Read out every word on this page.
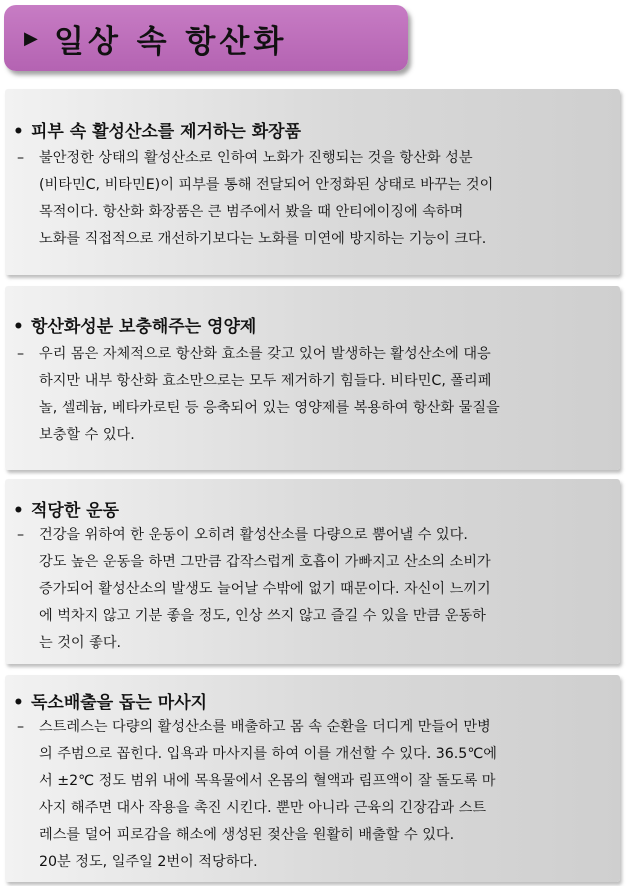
▶ 일상 속 항산화
• 피부 속 활성산소를 제거하는 화장품
– 불안정한 상태의 활성산소로 인하여 노화가 진행되는 것을 항산화 성분
(비타민C, 비타민E)이 피부를 통해 전달되어 안정화된 상태로 바꾸는 것이
목적이다. 항산화 화장품은 큰 범주에서 봤을 때 안티에이징에 속하며
노화를 직접적으로 개선하기보다는 노화를 미연에 방지하는 기능이 크다.
• 항산화성분 보충해주는 영양제
– 우리 몸은 자체적으로 항산화 효소를 갖고 있어 발생하는 활성산소에 대응
하지만 내부 항산화 효소만으로는 모두 제거하기 힘들다. 비타민C, 폴리페
놀, 셀레늄, 베타카로틴 등 응축되어 있는 영양제를 복용하여 항산화 물질을
보충할 수 있다.
• 적당한 운동
– 건강을 위하여 한 운동이 오히려 활성산소를 다량으로 뿜어낼 수 있다.
강도 높은 운동을 하면 그만큼 갑작스럽게 호흡이 가빠지고 산소의 소비가
증가되어 활성산소의 발생도 늘어날 수밖에 없기 때문이다. 자신이 느끼기
에 벅차지 않고 기분 좋을 정도, 인상 쓰지 않고 즐길 수 있을 만큼 운동하
는 것이 좋다.
• 독소배출을 돕는 마사지
– 스트레스는 다량의 활성산소를 배출하고 몸 속 순환을 더디게 만들어 만병
의 주범으로 꼽힌다. 입욕과 마사지를 하여 이를 개선할 수 있다. 36.5℃에
서 ±2℃ 정도 범위 내에 목욕물에서 온몸의 혈액과 림프액이 잘 돌도록 마
사지 해주면 대사 작용을 촉진 시킨다. 뿐만 아니라 근육의 긴장감과 스트
레스를 덜어 피로감을 해소에 생성된 젖산을 원활히 배출할 수 있다.
20분 정도, 일주일 2번이 적당하다.
